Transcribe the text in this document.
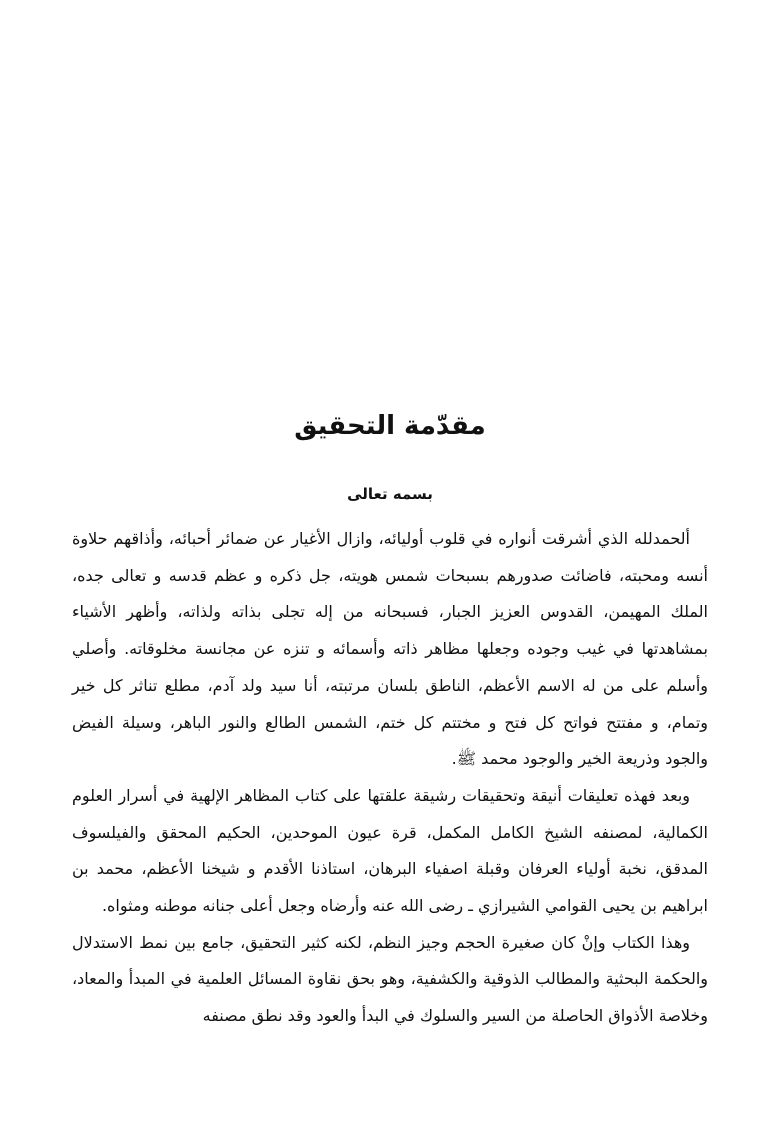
مقدّمة التحقيق
بسمه تعالى

ألحمدلله الذي أشرقت أنواره في قلوب أوليائه، وازال الأغيار عن ضمائر أحبائه، وأذاقهم حلاوة أنسه ومحبته، فاضائت صدورهم بسبحات شمس هويته، جل ذكره و عظم قدسه و تعالى جده، الملك المهيمن، القدوس العزيز الجبار، فسبحانه من إله تجلى بذاته ولذاته، وأظهر الأشياء بمشاهدتها في غيب وجوده وجعلها مظاهر ذاته وأسمائه و تنزه عن مجانسة مخلوقاته. وأصلي وأسلم على من له الاسم الأعظم، الناطق بلسان مرتبته، أنا سيد ولد آدم، مطلع تناثر كل خير وتمام، و مفتتح فواتح كل فتح و مختتم كل ختم، الشمس الطالع والنور الباهر، وسيلة الفيض والجود وذريعة الخير والوجود محمد ﷺ.

وبعد فهذه تعليقات أنيقة وتحقيقات رشيقة علقتها على كتاب المظاهر الإلهية في أسرار العلوم الكمالية، لمصنفه الشيخ الكامل المكمل، قرة عيون الموحدين، الحكيم المحقق والفيلسوف المدقق، نخبة أولياء العرفان وقبلة اصفياء البرهان، استاذنا الأقدم و شيخنا الأعظم، محمد بن ابراهيم بن يحيى القوامي الشيرازي ـ رضى الله عنه وأرضاه وجعل أعلى جنانه موطنه ومثواه.

وهذا الكتاب وإنْ كان صغيرة الحجم وجيز النظم، لكنه كثير التحقيق، جامع بين نمط الاستدلال والحكمة البحثية والمطالب الذوقية والكشفية، وهو بحق نقاوة المسائل العلمية في المبدأ والمعاد، وخلاصة الأذواق الحاصلة من السير والسلوك في البدأ والعود وقد نطق مصنفه
